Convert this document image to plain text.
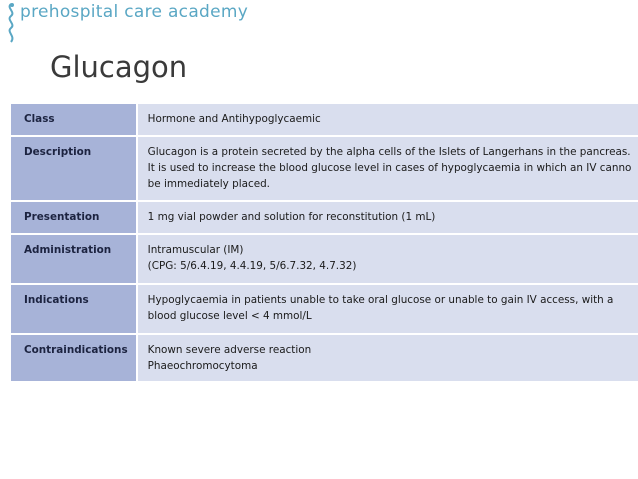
prehospital care academy
Glucagon
Class	Hormone and Antihypoglycaemic

Description	Glucagon is a protein secreted by the alpha cells of the Islets of Langerhans in the pancreas.
It is used to increase the blood glucose level in cases of hypoglycaemia in which an IV canno
be immediately placed.

Presentation	1 mg vial powder and solution for reconstitution (1 mL)

Administration	Intramuscular (IM)
(CPG: 5/6.4.19, 4.4.19, 5/6.7.32, 4.7.32)

Indications	Hypoglycaemia in patients unable to take oral glucose or unable to gain IV access, with a
blood glucose level < 4 mmol/L

Contraindications	Known severe adverse reaction
Phaeochromocytoma
